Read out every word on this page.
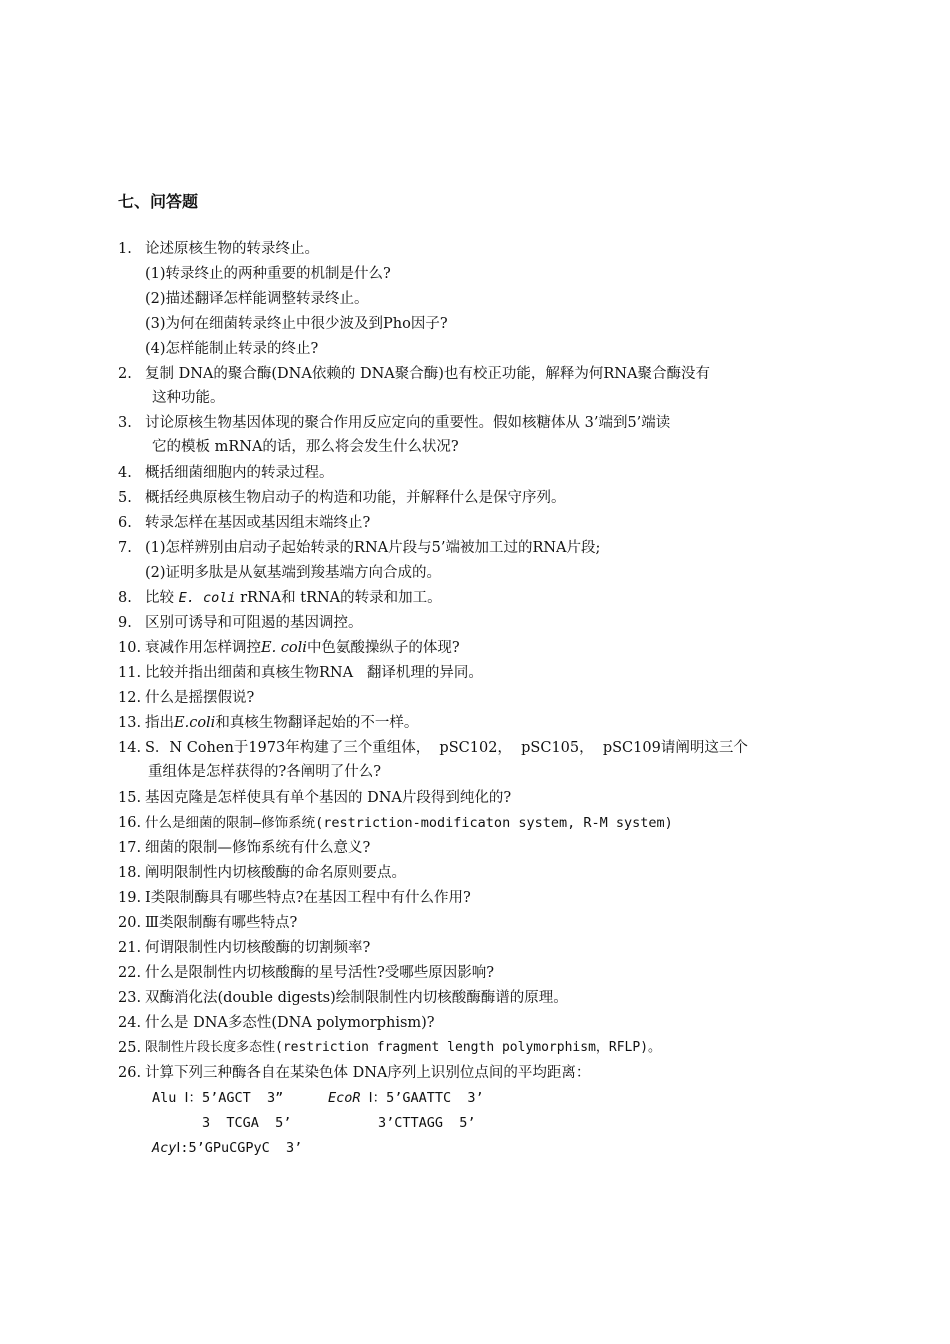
七、问答题
1. 论述原核生物的转录终止。
(1)转录终止的两种重要的机制是什么?
(2)描述翻译怎样能调整转录终止。
(3)为何在细菌转录终止中很少波及到Pho因子?
(4)怎样能制止转录的终止?
2. 复制 DNA的聚合酶(DNA依赖的 DNA聚合酶)也有校正功能，解释为何RNA聚合酶没有
这种功能。
3. 讨论原核生物基因体现的聚合作用反应定向的重要性。假如核糖体从 3’端到5’端读
它的模板 mRNA的话，那么将会发生什么状况?
4. 概括细菌细胞内的转录过程。
5. 概括经典原核生物启动子的构造和功能，并解释什么是保守序列。
6. 转录怎样在基因或基因组末端终止?
7. (1)怎样辨别由启动子起始转录的RNA片段与5’端被加工过的RNA片段;
(2)证明多肽是从氨基端到羧基端方向合成的。
8. 比较 E. coli rRNA和 tRNA的转录和加工。
9. 区别可诱导和可阻遏的基因调控。
10. 衰减作用怎样调控E. coli中色氨酸操纵子的体现?
11. 比较并指出细菌和真核生物RNA   翻译机理的异同。
12. 什么是摇摆假说?
13. 指出E.coli和真核生物翻译起始的不一样。
14. S．N Cohen于1973年构建了三个重组体，  pSC102，  pSC105，  pSC109请阐明这三个
重组体是怎样获得的?各阐明了什么?
15. 基因克隆是怎样使具有单个基因的 DNA片段得到纯化的?
16. 什么是细菌的限制—修饰系统(restriction-modificaton system, R-M system)
17. 细菌的限制—修饰系统有什么意义?
18. 阐明限制性内切核酸酶的命名原则要点。
19. Ⅰ类限制酶具有哪些特点?在基因工程中有什么作用?
20. Ⅲ类限制酶有哪些特点?
21. 何谓限制性内切核酸酶的切割频率?
22. 什么是限制性内切核酸酶的星号活性?受哪些原因影响?
23. 双酶消化法(double digests)绘制限制性内切核酸酶酶谱的原理。
24. 什么是 DNA多态性(DNA polymorphism)?
25. 限制性片段长度多态性(restriction fragment length polymorphism，RFLP)。
26. 计算下列三种酶各自在某染色体 DNA序列上识别位点间的平均距离：
Alu Ⅰ：5’AGCT  3”	EcoR Ⅰ：5’GAATTC  3’
3  TCGA  5’	3’CTTAGG  5’
AcyⅠ:5’GPuCGPyC  3’
